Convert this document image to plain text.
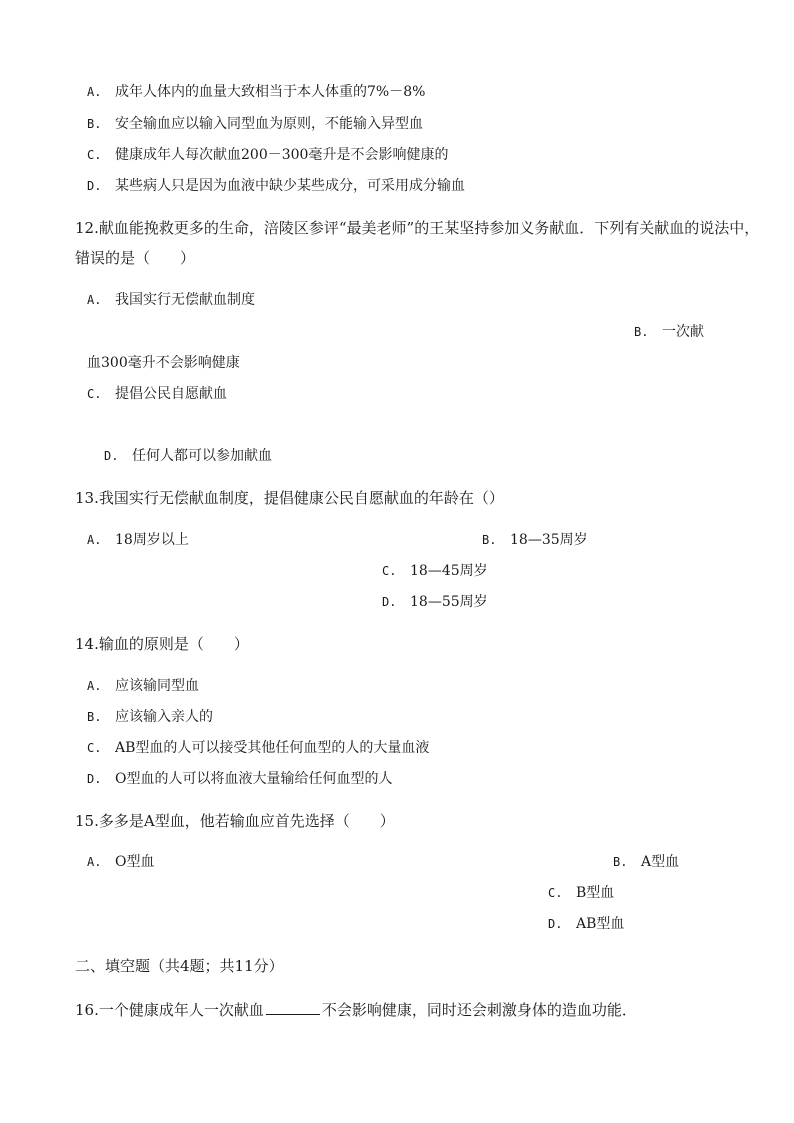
A. 成年人体内的血量大致相当于本人体重的7%－8%
B. 安全输血应以输入同型血为原则，不能输入异型血
C. 健康成年人每次献血200－300毫升是不会影响健康的
D. 某些病人只是因为血液中缺少某些成分，可采用成分输血
12.献血能挽救更多的生命，涪陵区参评“最美老师”的王某坚持参加义务献血．下列有关献血的说法中，
错误的是（　　）
A. 我国实行无偿献血制度
B. 一次献
血300毫升不会影响健康
C. 提倡公民自愿献血
D. 任何人都可以参加献血
13.我国实行无偿献血制度，提倡健康公民自愿献血的年龄在（）
A. 18周岁以上	B. 18—35周岁
C. 18—45周岁
D. 18—55周岁
14.输血的原则是（　　）
A. 应该输同型血
B. 应该输入亲人的
C. AB型血的人可以接受其他任何血型的人的大量血液
D. O型血的人可以将血液大量输给任何血型的人
15.多多是A型血，他若输血应首先选择（　　）
A. O型血	B. A型血
C. B型血
D. AB型血
二、填空题（共4题；共11分）
16.一个健康成年人一次献血	不会影响健康，同时还会刺激身体的造血功能．
